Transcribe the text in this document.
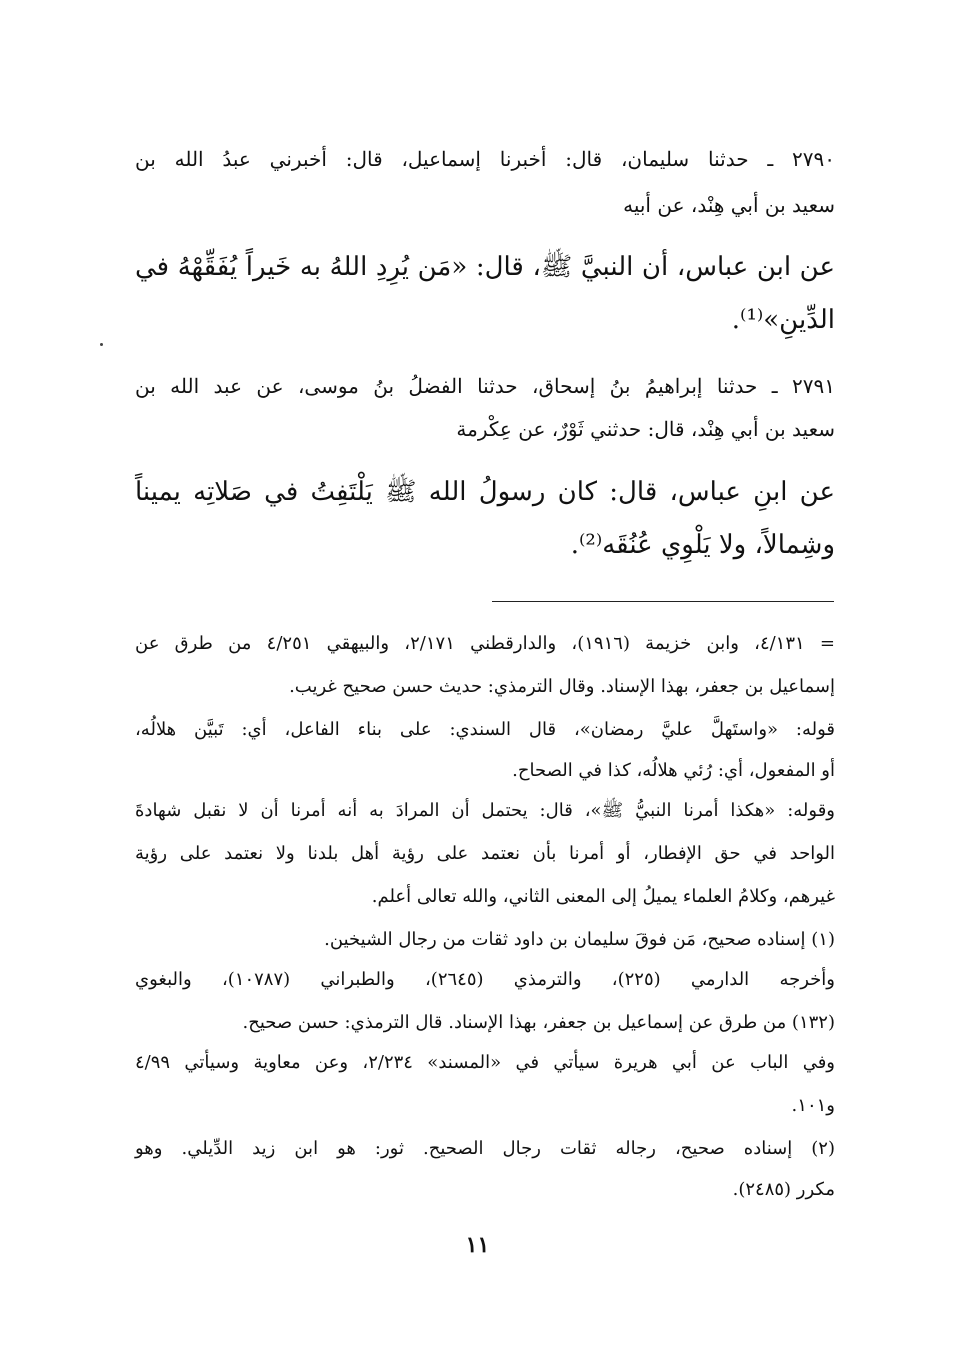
٢٧٩٠ ـ حدثنا سليمان، قال: أخبرنا إسماعيل، قال: أخبرني عبدُ الله بن
سعيد بن أبي هِنْد، عن أبيه
عن ابن عباس، أن النبيَّ ﷺ، قال: «مَن يُرِدِ اللهُ به خَيراً يُفَقِّهْهُ في
الدِّينِ»⁽¹⁾.
٢٧٩١ ـ حدثنا إبراهيمُ بنُ إسحاق، حدثنا الفضلُ بنُ موسى، عن عبد الله بن
سعيد بن أبي هِنْد، قال: حدثني ثَوْرٌ، عن عِكْرمة
عن ابنِ عباس، قال: كان رسولُ الله ﷺ يَلْتَفِتُ في صَلاتِه يميناً
وشِمالاً، ولا يَلْوِي عُنُقَه⁽²⁾.
= ٤/١٣١، وابن خزيمة (١٩١٦)، والدارقطني ٢/١٧١، والبيهقي ٤/٢٥١ من طرق عن
إسماعيل بن جعفر، بهذا الإسناد. وقال الترمذي: حديث حسن صحيح غريب.
قوله: «واستَهلَّ عليَّ رمضان»، قال السندي: على بناء الفاعل، أي: تَبيَّن هلالُه،
أو المفعول، أي: رُئي هلالُه، كذا في الصحاح.
وقوله: «هكذا أمرنا النبيُّ ﷺ»، قال: يحتمل أن المرادَ به أنه أمرنا أن لا نقبل شهادةَ
الواحد في حق الإفطار، أو أمرنا بأن نعتمد على رؤية أهل بلدنا ولا نعتمد على رؤية
غيرهم، وكلامُ العلماء يميلُ إلى المعنى الثاني، والله تعالى أعلم.
(١) إسناده صحيح، مَن فوقَ سليمان بن داود ثقات من رجال الشيخين.
وأخرجه الدارمي (٢٢٥)، والترمذي (٢٦٤٥)، والطبراني (١٠٧٨٧)، والبغوي
(١٣٢) من طرق عن إسماعيل بن جعفر، بهذا الإسناد. قال الترمذي: حسن صحيح.
وفي الباب عن أبي هريرة سيأتي في «المسند» ٢/٢٣٤، وعن معاوية وسيأتي ٤/٩٩
و١٠١.
(٢) إسناده صحيح، رجاله ثقات رجال الصحيح. ثور: هو ابن زيد الدِّيلي. وهو
مكرر (٢٤٨٥).
١١
